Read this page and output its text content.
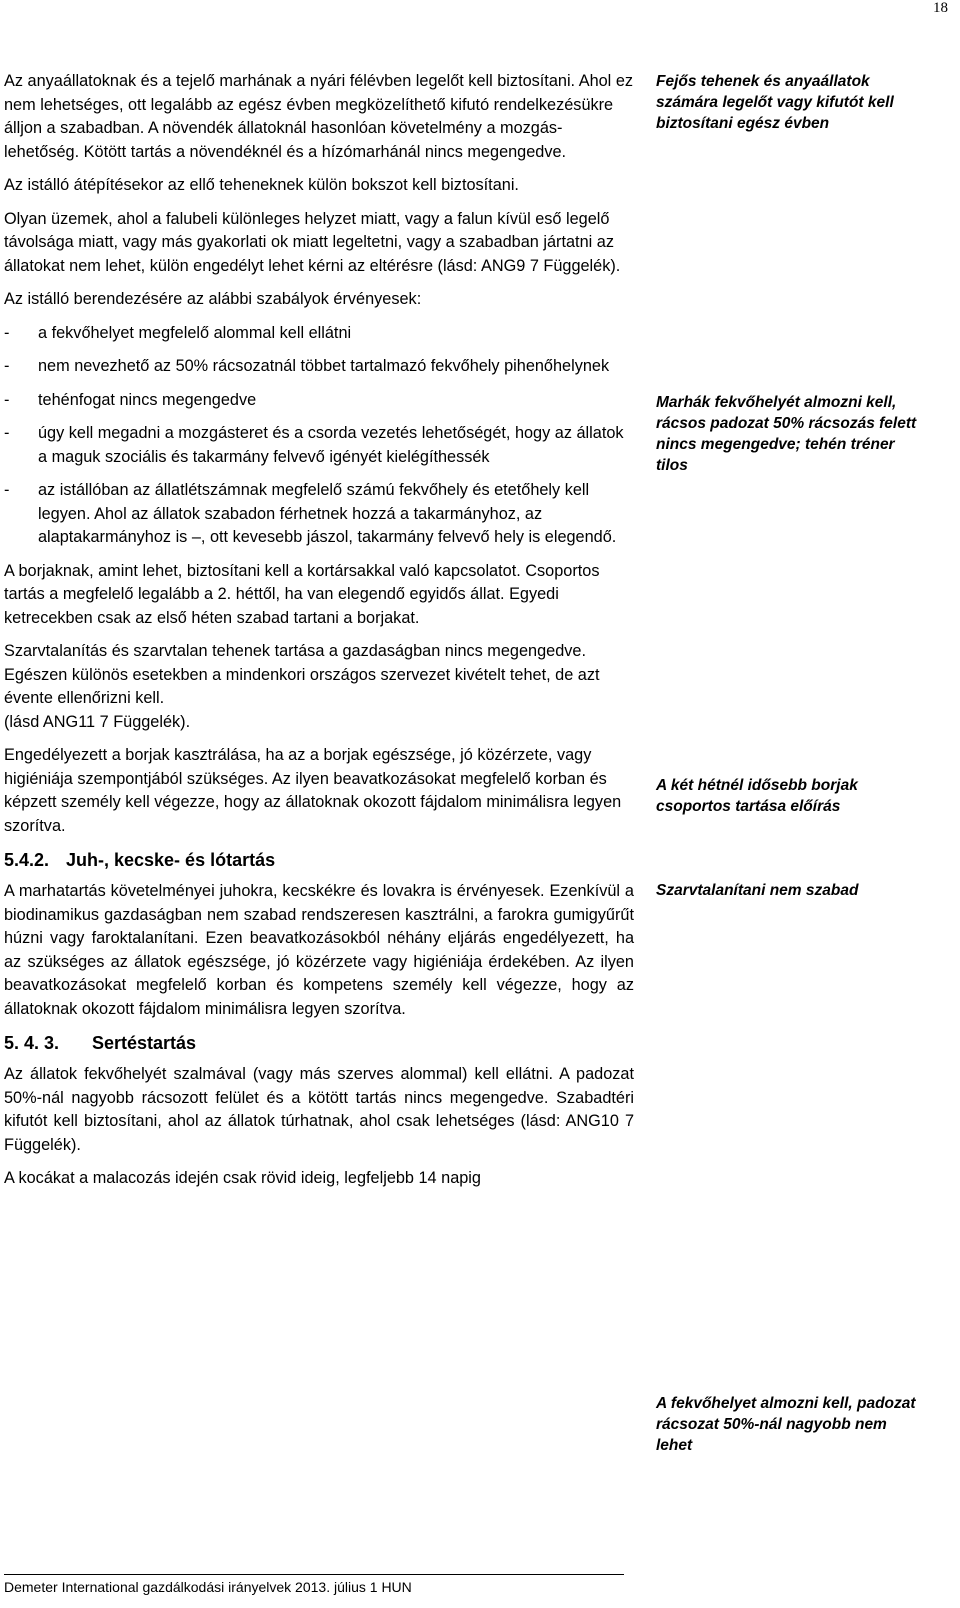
18

Az anyaállatoknak és a tejelő marhának a nyári félévben legelőt kell biztosítani. Ahol ez nem lehetséges, ott legalább az egész évben megközelíthető kifutó rendelkezésükre álljon a szabadban. A növendék állatoknál hasonlóan követelmény a mozgás-lehetőség. Kötött tartás a növendéknél és a hízómarhánál nincs megengedve.

Az istálló átépítésekor az ellő teheneknek külön bokszot kell biztosítani.

Olyan üzemek, ahol a falubeli különleges helyzet miatt, vagy a falun kívül eső legelő távolsága miatt, vagy más gyakorlati ok miatt legeltetni, vagy a szabadban jártatni az állatokat nem lehet, külön engedélyt lehet kérni az eltérésre (lásd: ANG9 7 Függelék).

Az istálló berendezésére az alábbi szabályok érvényesek:

-	a fekvőhelyet megfelelő alommal kell ellátni
-	nem nevezhető az 50% rácsozatnál többet tartalmazó fekvőhely pihenőhelynek
-	tehénfogat nincs megengedve
-	úgy kell megadni a mozgásteret és a csorda vezetés lehetőségét, hogy az állatok a maguk szociális és takarmány felvevő igényét kielégíthessék
-	az istállóban az állatlétszámnak megfelelő számú fekvőhely és etetőhely kell legyen. Ahol az állatok szabadon férhetnek hozzá a takarmányhoz, az alaptakarmányhoz is –, ott kevesebb jászol, takarmány felvevő hely is elegendő.

A borjaknak, amint lehet, biztosítani kell a kortársakkal való kapcsolatot. Csoportos tartás a megfelelő legalább a 2. héttől, ha van elegendő egyidős állat. Egyedi ketrecekben csak az első héten szabad tartani a borjakat.

Szarvtalanítás és szarvtalan tehenek tartása a gazdaságban nincs megengedve. Egészen különös esetekben a mindenkori országos szervezet kivételt tehet, de azt évente ellenőrizni kell.

(lásd ANG11 7 Függelék).

Engedélyezett a borjak kasztrálása, ha az a borjak egészsége, jó közérzete, vagy higiéniája szempontjából szükséges. Az ilyen beavatkozásokat megfelelő korban és képzett személy kell végezze, hogy az állatoknak okozott fájdalom minimálisra legyen szorítva.

5.4.2. Juh-, kecske- és lótartás

A marhatartás követelményei juhokra, kecskékre és lovakra is érvényesek. Ezenkívül a biodinamikus gazdaságban nem szabad rendszeresen kasztrálni, a farokra gumigyűrűt húzni vagy faroktalanítani. Ezen beavatkozásokból néhány eljárás engedélyezett, ha az szükséges az állatok egészsége, jó közérzete vagy higiéniája érdekében. Az ilyen beavatkozásokat megfelelő korban és kompetens személy kell végezze, hogy az állatoknak okozott fájdalom minimálisra legyen szorítva.

5. 4. 3. Sertéstartás

Az állatok fekvőhelyét szalmával (vagy más szerves alommal) kell ellátni. A padozat 50%-nál nagyobb rácsozott felület és a kötött tartás nincs megengedve. Szabadtéri kifutót kell biztosítani, ahol az állatok túrhatnak, ahol csak lehetséges (lásd: ANG10 7 Függelék).

A kocákat a malacozás idején csak rövid ideig, legfeljebb 14 napig

Fejős tehenek és anyaállatok számára legelőt vagy kifutót kell biztosítani egész évben
Marhák fekvőhelyét almozni kell, rácsos padozat 50% rácsozás felett nincs megengedve; tehén tréner tilos
A két hétnél idősebb borjak csoportos tartása előírás
Szarvtalanítani nem szabad
A fekvőhelyet almozni kell, padozat rácsozat 50%-nál nagyobb nem lehet
Demeter International gazdálkodási irányelvek 2013. július 1 HUN
